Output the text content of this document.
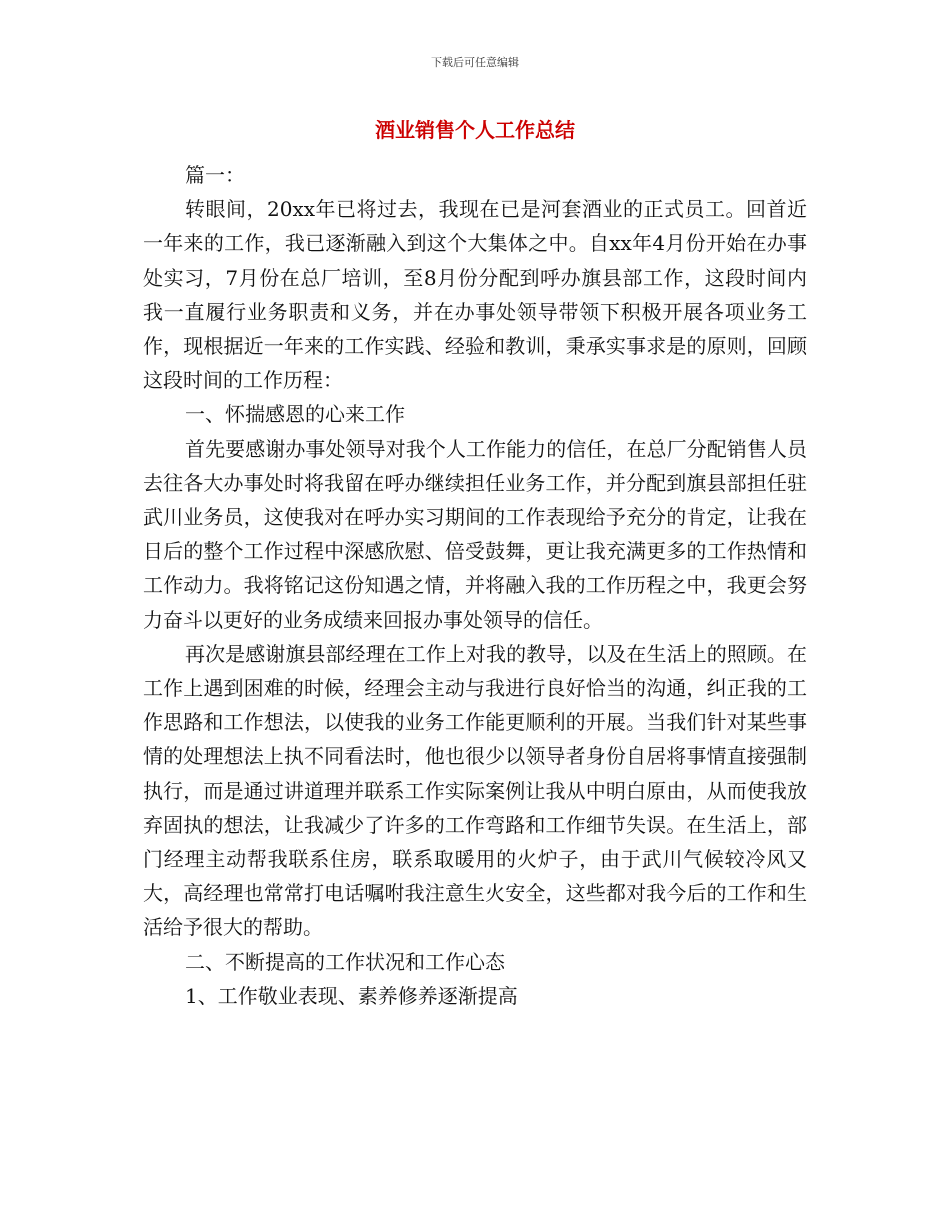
下载后可任意编辑
酒业销售个人工作总结

篇一：

转眼间，20xx年已将过去，我现在已是河套酒业的正式员工。回首近一年来的工作，我已逐渐融入到这个大集体之中。自xx年4月份开始在办事处实习，7月份在总厂培训，至8月份分配到呼办旗县部工作，这段时间内我一直履行业务职责和义务，并在办事处领导带领下积极开展各项业务工作，现根据近一年来的工作实践、经验和教训，秉承实事求是的原则，回顾这段时间的工作历程：

一、怀揣感恩的心来工作

首先要感谢办事处领导对我个人工作能力的信任，在总厂分配销售人员去往各大办事处时将我留在呼办继续担任业务工作，并分配到旗县部担任驻武川业务员，这使我对在呼办实习期间的工作表现给予充分的肯定，让我在日后的整个工作过程中深感欣慰、倍受鼓舞，更让我充满更多的工作热情和工作动力。我将铭记这份知遇之情，并将融入我的工作历程之中，我更会努力奋斗以更好的业务成绩来回报办事处领导的信任。

再次是感谢旗县部经理在工作上对我的教导，以及在生活上的照顾。在工作上遇到困难的时候，经理会主动与我进行良好恰当的沟通，纠正我的工作思路和工作想法，以使我的业务工作能更顺利的开展。当我们针对某些事情的处理想法上执不同看法时，他也很少以领导者身份自居将事情直接强制执行，而是通过讲道理并联系工作实际案例让我从中明白原由，从而使我放弃固执的想法，让我减少了许多的工作弯路和工作细节失误。在生活上，部门经理主动帮我联系住房，联系取暖用的火炉子，由于武川气候较冷风又大，高经理也常常打电话嘱咐我注意生火安全，这些都对我今后的工作和生活给予很大的帮助。

二、不断提高的工作状况和工作心态

1、工作敬业表现、素养修养逐渐提高
